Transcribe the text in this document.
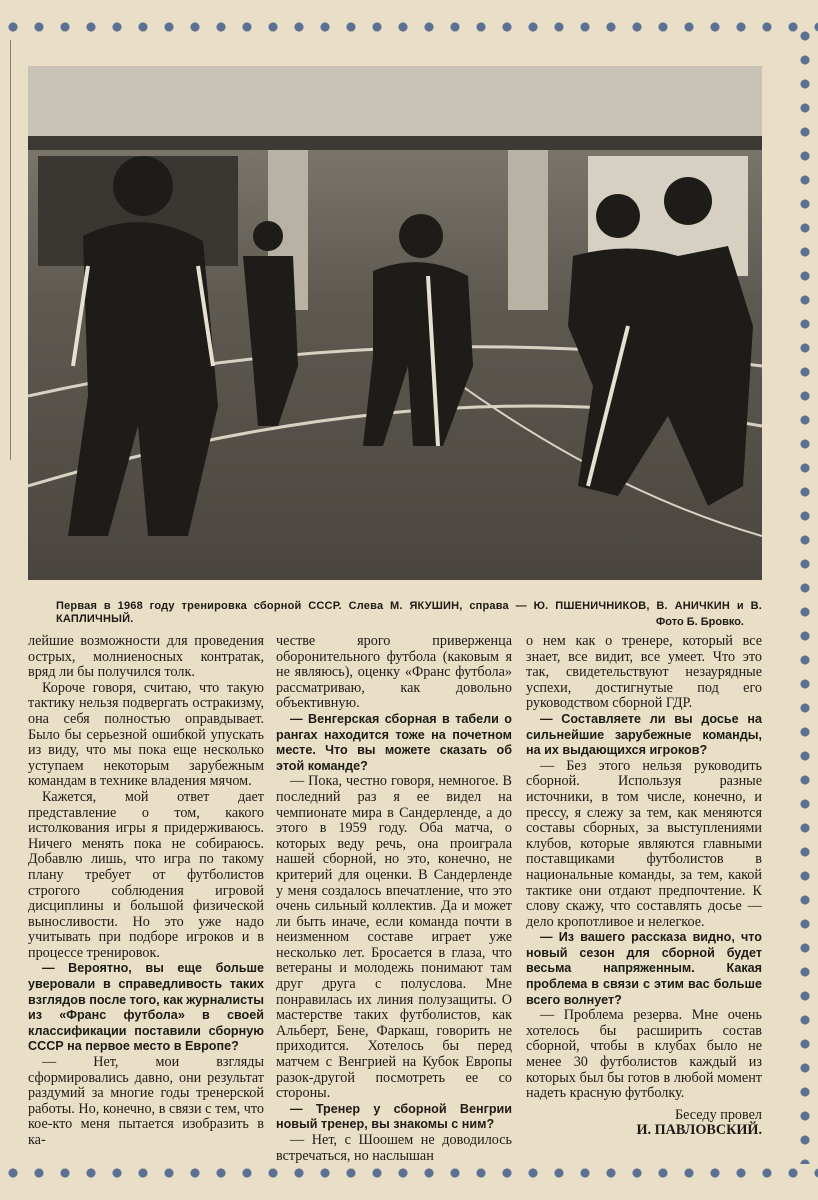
Первая в 1968 году тренировка сборной СССР. Слева М. ЯКУШИН, справа — Ю. ПШЕНИЧНИКОВ, В. АНИЧКИН и В. КАПЛИЧНЫЙ.	Фото Б. Бровко.

лейшие возможности для проведения острых, молниеносных контратак, вряд ли бы получился толк.

Короче говоря, считаю, что такую тактику нельзя подвергать остракизму, она себя полностью оправдывает. Было бы серьезной ошибкой упускать из виду, что мы пока еще несколько уступаем некоторым зарубежным командам в технике владения мячом.

Кажется, мой ответ дает представление о том, какого истолкования игры я придерживаюсь. Ничего менять пока не собираюсь. Добавлю лишь, что игра по такому плану требует от футболистов строгого соблюдения игровой дисциплины и большой физической выносливости. Но это уже надо учитывать при подборе игроков и в процессе тренировок.

— Вероятно, вы еще больше уверовали в справедливость таких взглядов после того, как журналисты из «Франс футбола» в своей классификации поставили сборную СССР на первое место в Европе?

— Нет, мои взгляды сформировались давно, они результат раздумий за многие годы тренерской работы. Но, конечно, в связи с тем, что кое-кто меня пытается изобразить в ка-

честве ярого приверженца оборонительного футбола (каковым я не являюсь), оценку «Франс футбола» рассматриваю, как довольно объективную.

— Венгерская сборная в табели о рангах находится тоже на почетном месте. Что вы можете сказать об этой команде?

— Пока, честно говоря, немногое. В последний раз я ее видел на чемпионате мира в Сандерленде, а до этого в 1959 году. Оба матча, о которых веду речь, она проиграла нашей сборной, но это, конечно, не критерий для оценки. В Сандерленде у меня создалось впечатление, что это очень сильный коллектив. Да и может ли быть иначе, если команда почти в неизменном составе играет уже несколько лет. Бросается в глаза, что ветераны и молодежь понимают там друг друга с полуслова. Мне понравилась их линия полузащиты. О мастерстве таких футболистов, как Альберт, Бене, Фаркаш, говорить не приходится. Хотелось бы перед матчем с Венгрией на Кубок Европы разок-другой посмотреть ее со стороны.

— Тренер у сборной Венгрии новый тренер, вы знакомы с ним?

— Нет, с Шоошем не доводилось встречаться, но наслышан

о нем как о тренере, который все знает, все видит, все умеет. Что это так, свидетельствуют незаурядные успехи, достигнутые под его руководством сборной ГДР.

— Составляете ли вы досье на сильнейшие зарубежные команды, на их выдающихся игроков?

— Без этого нельзя руководить сборной. Используя разные источники, в том числе, конечно, и прессу, я слежу за тем, как меняются составы сборных, за выступлениями клубов, которые являются главными поставщиками футболистов в национальные команды, за тем, какой тактике они отдают предпочтение. К слову скажу, что составлять досье — дело кропотливое и нелегкое.

— Из вашего рассказа видно, что новый сезон для сборной будет весьма напряженным. Какая проблема в связи с этим вас больше всего волнует?

— Проблема резерва. Мне очень хотелось бы расширить состав сборной, чтобы в клубах было не менее 30 футболистов каждый из которых был бы готов в любой момент надеть красную футболку.

Беседу провел

И. ПАВЛОВСКИЙ.
